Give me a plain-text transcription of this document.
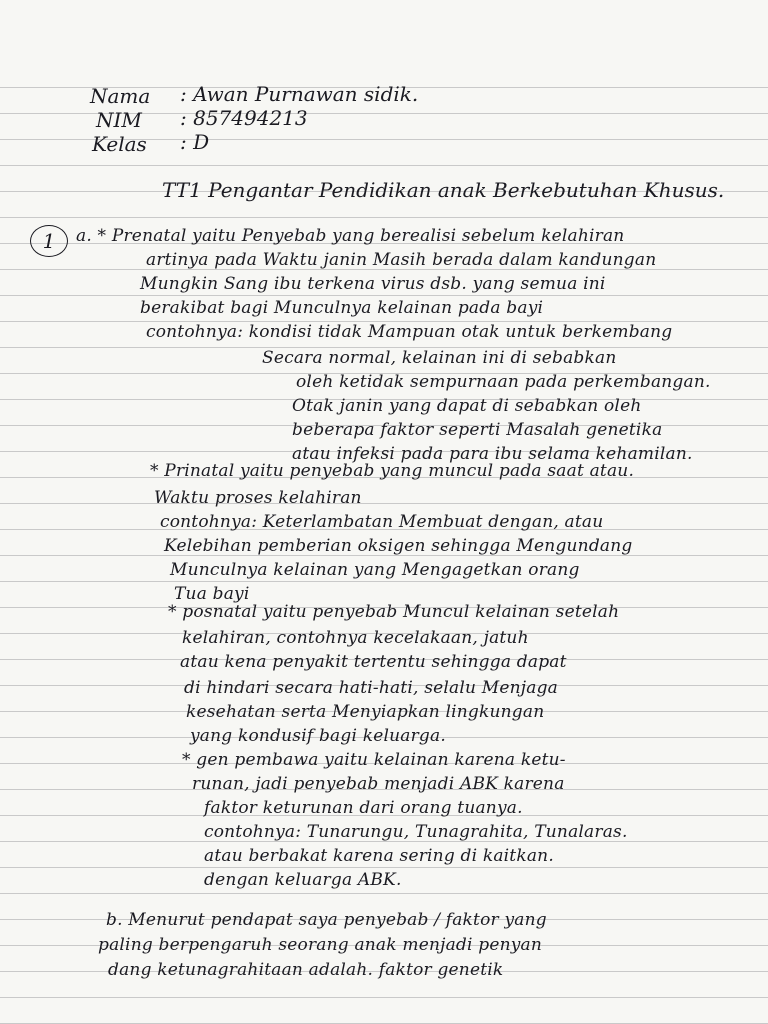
Nama : Awan Purnawan sidik.
NIM : 857494213
Kelas : D
TT1 Pengantar Pendidikan anak Berkebutuhan Khusus.
1 a. * Prenatal yaitu Penyebab yang berealisi sebelum kelahiran
artinya pada Waktu janin Masih berada dalam kandungan
Mungkin Sang ibu terkena virus dsb. yang semua ini
berakibat bagi Munculnya kelainan pada bayi
contohnya: kondisi tidak Mampuan otak untuk berkembang
Secara normal, kelainan ini di sebabkan
oleh ketidak sempurnaan pada perkembangan.
Otak janin yang dapat di sebabkan oleh
beberapa faktor seperti Masalah genetika
atau infeksi pada para ibu selama kehamilan.
* Prinatal yaitu penyebab yang muncul pada saat atau.
Waktu proses kelahiran
contohnya: Keterlambatan Membuat dengan, atau
Kelebihan pemberian oksigen sehingga Mengundang
Munculnya kelainan yang Mengagetkan orang
Tua bayi
* posnatal yaitu penyebab Muncul kelainan setelah
kelahiran, contohnya kecelakaan, jatuh
atau kena penyakit tertentu sehingga dapat
di hindari secara hati-hati, selalu Menjaga
kesehatan serta Menyiapkan lingkungan
yang kondusif bagi keluarga.
* gen pembawa yaitu kelainan karena ketu-
runan, jadi penyebab menjadi ABK karena
faktor keturunan dari orang tuanya.
contohnya: Tunarungu, Tunagrahita, Tunalaras.
atau berbakat karena sering di kaitkan.
dengan keluarga ABK.
b. Menurut pendapat saya penyebab / faktor yang
paling berpengaruh seorang anak menjadi penyan
dang ketunagrahitaan adalah. faktor genetik
